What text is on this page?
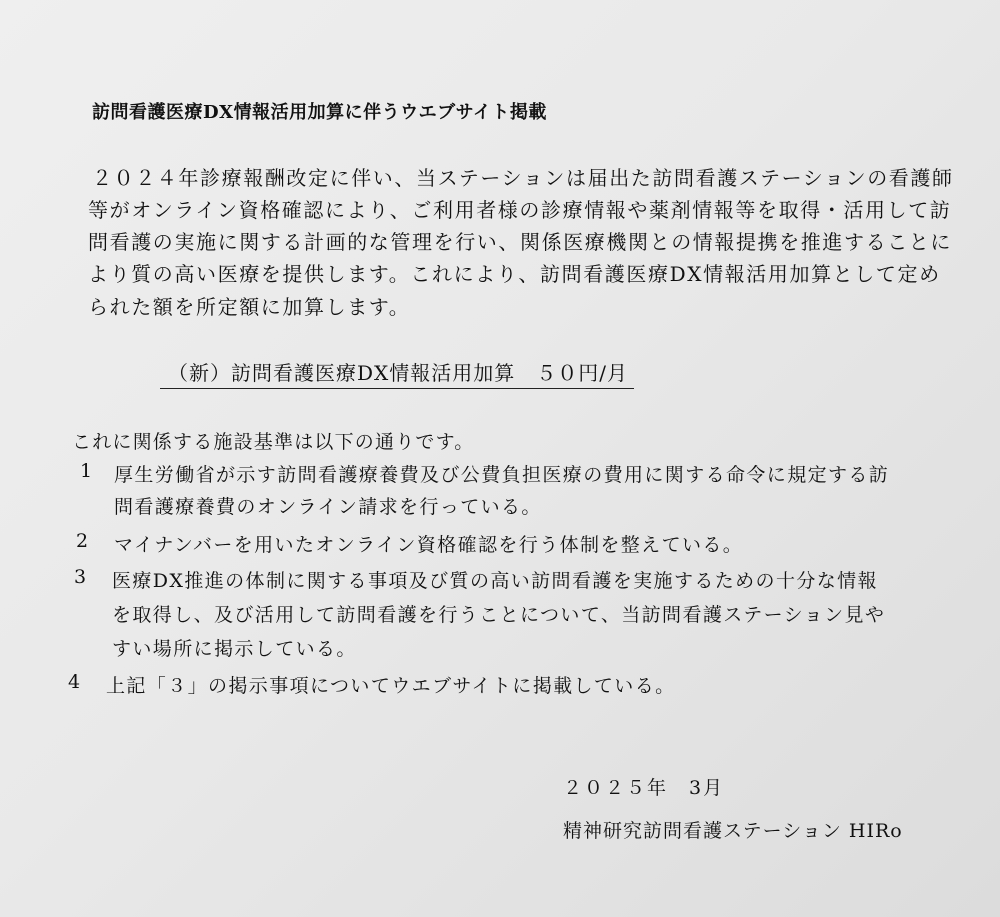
訪問看護医療DX情報活用加算に伴うウエブサイト掲載
２０２４年診療報酬改定に伴い、当ステーションは届出た訪問看護ステーションの看護師
等がオンライン資格確認により、ご利用者様の診療情報や薬剤情報等を取得・活用して訪
問看護の実施に関する計画的な管理を行い、関係医療機関との情報提携を推進することに
より質の高い医療を提供します。これにより、訪問看護医療DX情報活用加算として定め
られた額を所定額に加算します。
（新）訪問看護医療DX情報活用加算　５０円/月
これに関係する施設基準は以下の通りです。
1 厚生労働省が示す訪問看護療養費及び公費負担医療の費用に関する命令に規定する訪
問看護療養費のオンライン請求を行っている。
2 マイナンバーを用いたオンライン資格確認を行う体制を整えている。
3 医療DX推進の体制に関する事項及び質の高い訪問看護を実施するための十分な情報
を取得し、及び活用して訪問看護を行うことについて、当訪問看護ステーション見や
すい場所に掲示している。
4 上記「３」の掲示事項についてウエブサイトに掲載している。
２０２５年　3月
精神研究訪問看護ステーション HIRo
